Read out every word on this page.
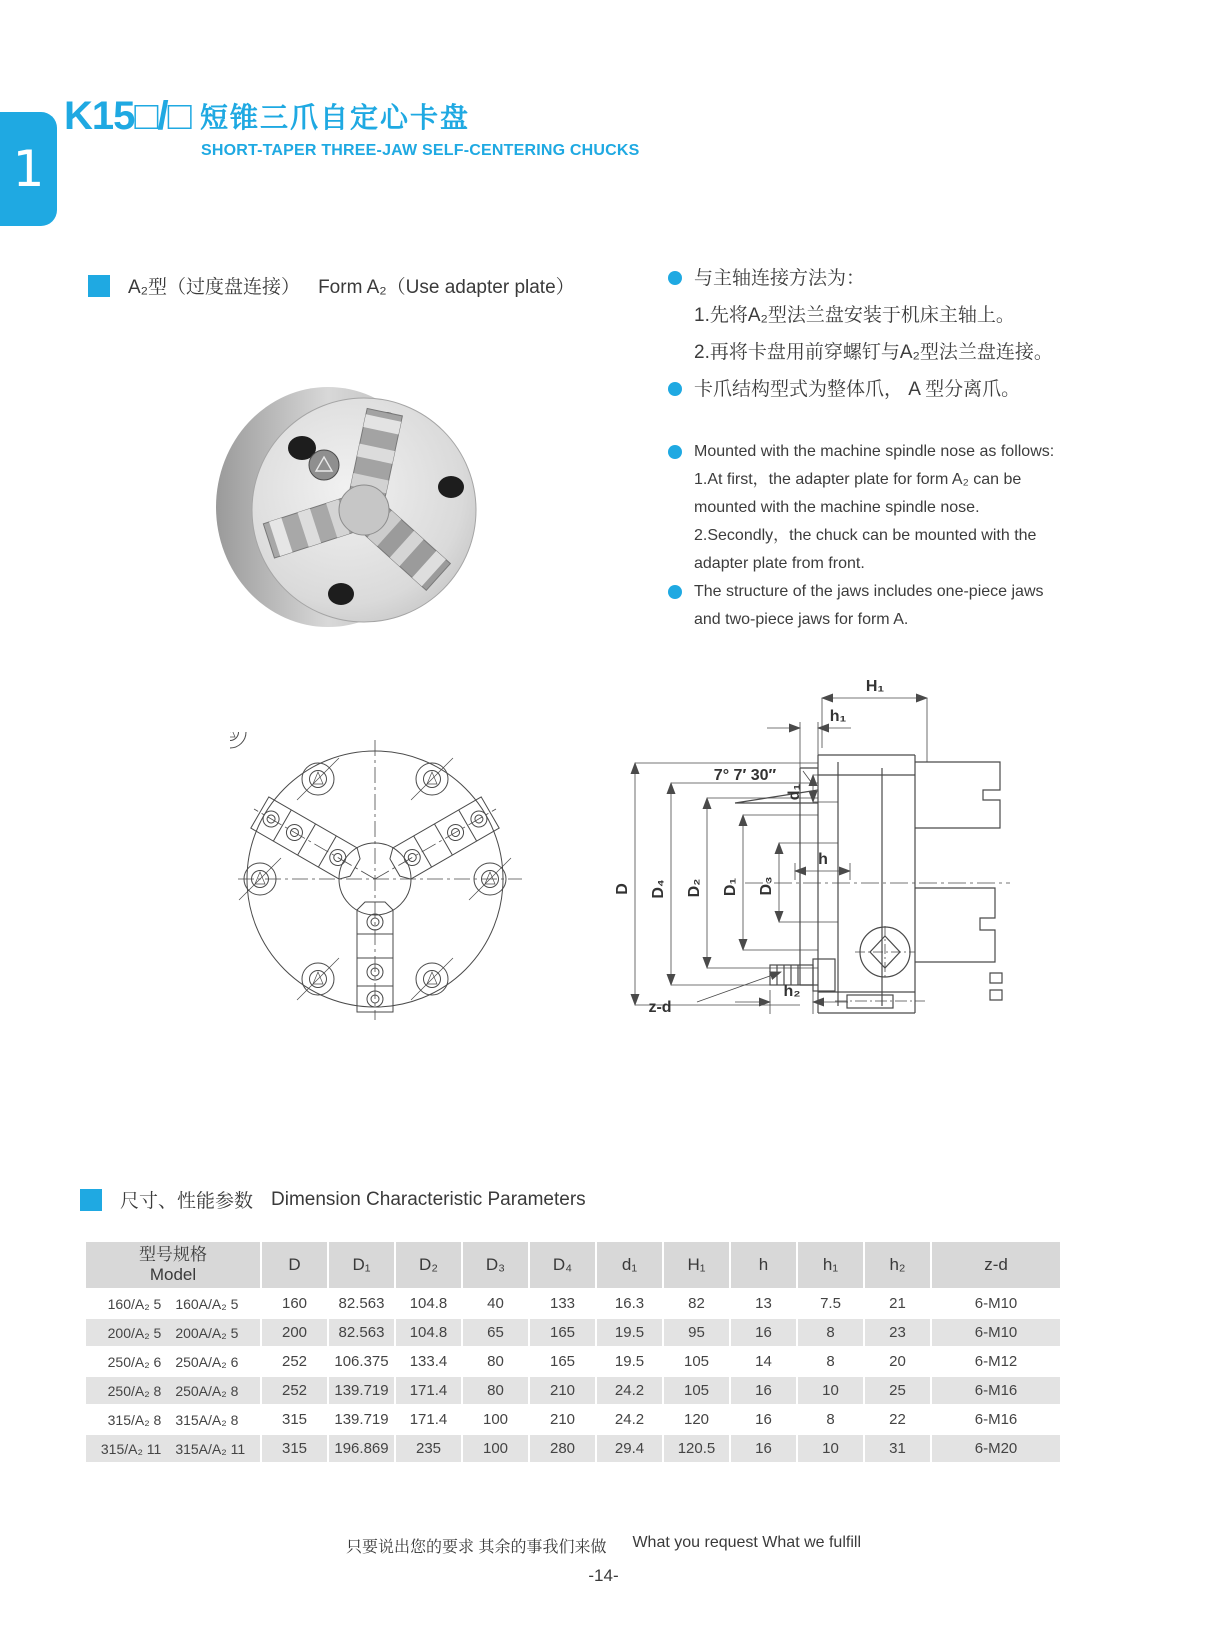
1
K15□/□ 短锥三爪自定心卡盘
SHORT-TAPER THREE-JAW SELF-CENTERING CHUCKS
A₂型（过度盘连接） Form A₂（Use adapter plate）	与主轴连接方法为：
1.先将A₂型法兰盘安装于机床主轴上。
2.再将卡盘用前穿螺钉与A₂型法兰盘连接。
卡爪结构型式为整体爪， A 型分离爪。
Mounted with the machine spindle nose as follows:
1.At first，the adapter plate for form A₂ can be mounted with the machine spindle nose.
2.Secondly，the chuck can be mounted with the adapter plate from front.
The structure of the jaws includes one-piece jaws and two-piece jaws for form A.
D D₄ D₂ D₁ D₃
d₁
H₁
h₁
h
h₂
z-d
7° 7′ 30″
尺寸、性能参数 Dimension Characteristic Parameters
型号规格
Model
D	D₁	D₂	D₃	D₄	d₁	H₁	h	h₁	h₂	z-d
160/A₂ 5 160A/A₂ 5	160	82.563	104.8	40	133	16.3	82	13	7.5	21	6-M10
200/A₂ 5 200A/A₂ 5	200	82.563	104.8	65	165	19.5	95	16	8	23	6-M10
250/A₂ 6 250A/A₂ 6	252	106.375	133.4	80	165	19.5	105	14	8	20	6-M12
250/A₂ 8 250A/A₂ 8	252	139.719	171.4	80	210	24.2	105	16	10	25	6-M16
315/A₂ 8 315A/A₂ 8	315	139.719	171.4	100	210	24.2	120	16	8	22	6-M16
315/A₂ 11 315A/A₂ 11	315	196.869	235	100	280	29.4	120.5	16	10	31	6-M20
只要说出您的要求 其余的事我们来做 What you request What we fulfill
-14-
